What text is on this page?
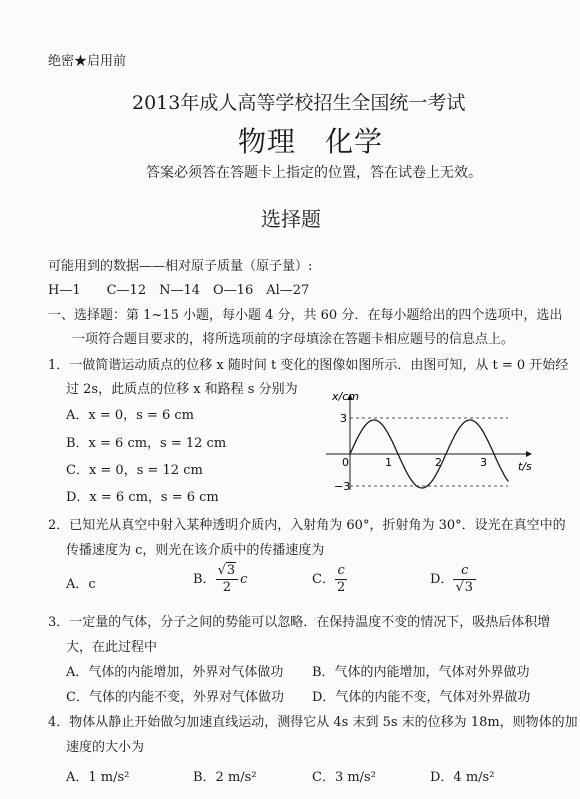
绝密★启用前
2013年成人高等学校招生全国统一考试
物理　化学
答案必须答在答题卡上指定的位置，答在试卷上无效。
选择题
可能用到的数据——相对原子质量（原子量）:
H—1　　C—12　N—14　O—16　Al—27
一、选择题：第 1~15 小题，每小题 4 分，共 60 分．在每小题给出的四个选项中，选出
一项符合题目要求的，将所选项前的字母填涂在答题卡相应题号的信息点上。
1．一做简谐运动质点的位移 x 随时间 t 变化的图像如图所示．由图可知，从 t = 0 开始经
过 2s，此质点的位移 x 和路程 s 分别为
A．x = 0，s = 6 cm
B．x = 6 cm，s = 12 cm
C．x = 0，s = 12 cm
D．x = 6 cm，s = 6 cm
x/cm
t/s
3
−3
0	1	2	3
2．已知光从真空中射入某种透明介质内，入射角为 60°，折射角为 30°．设光在真空中的
传播速度为 c，则光在该介质中的传播速度为
A．c	B． $\frac{√3}{2}$ c	C． $\frac{c}{2}$	D． $\frac{c}{√3}$
3．一定量的气体，分子之间的势能可以忽略．在保持温度不变的情况下，吸热后体积增
大，在此过程中
A．气体的内能增加，外界对气体做功 B．气体的内能增加，气体对外界做功
C．气体的内能不变，外界对气体做功 D．气体的内能不变，气体对外界做功
4．物体从静止开始做匀加速直线运动，测得它从 4s 末到 5s 末的位移为 18m，则物体的加
速度的大小为
A．1 m/s²	B．2 m/s²	C．3 m/s²	D．4 m/s²
